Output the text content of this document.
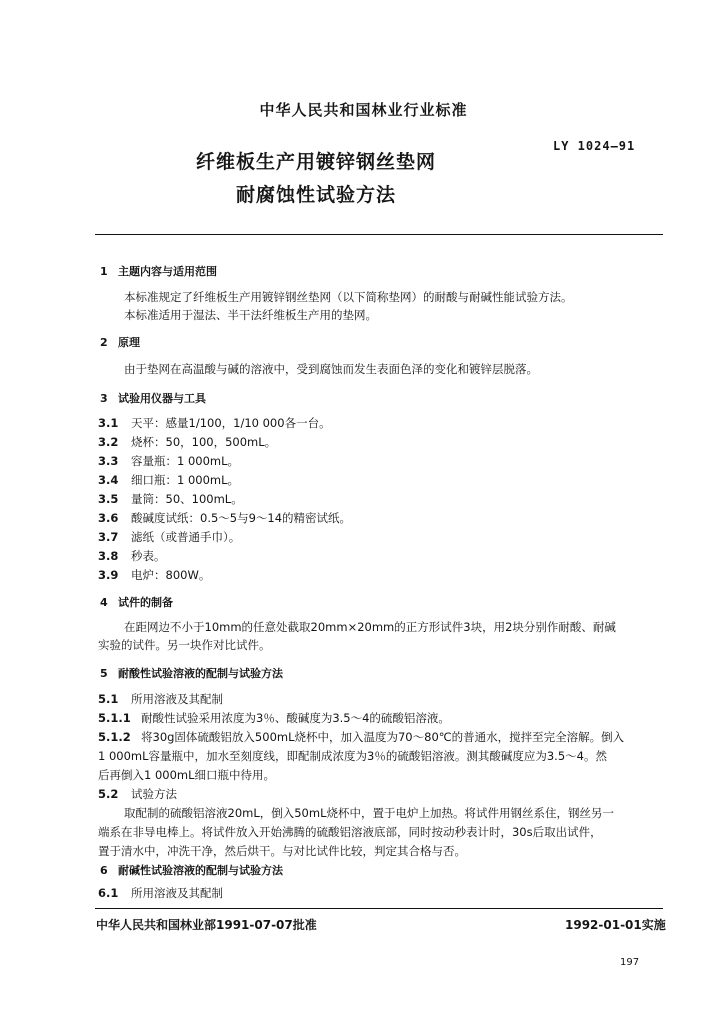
中华人民共和国林业行业标准
LY 1024—91
纤维板生产用镀锌钢丝垫网
耐腐蚀性试验方法
1 主题内容与适用范围
本标准规定了纤维板生产用镀锌钢丝垫网（以下简称垫网）的耐酸与耐碱性能试验方法。
本标准适用于湿法、半干法纤维板生产用的垫网。
2 原理
由于垫网在高温酸与碱的溶液中，受到腐蚀而发生表面色泽的变化和镀锌层脱落。
3 试验用仪器与工具
3.1 天平：感量1/100，1/10 000各一台。
3.2 烧杯：50，100，500mL。
3.3 容量瓶：1 000mL。
3.4 细口瓶：1 000mL。
3.5 量筒：50、100mL。
3.6 酸碱度试纸：0.5～5与9～14的精密试纸。
3.7 滤纸（或普通手巾）。
3.8 秒表。
3.9 电炉：800W。
4 试件的制备
在距网边不小于10mm的任意处截取20mm×20mm的正方形试件3块，用2块分别作耐酸、耐碱
实验的试件。另一块作对比试件。
5 耐酸性试验溶液的配制与试验方法
5.1 所用溶液及其配制
5.1.1 耐酸性试验采用浓度为3％、酸碱度为3.5～4的硫酸铝溶液。
5.1.2 将30g固体硫酸铝放入500mL烧杯中，加入温度为70～80℃的普通水，搅拌至完全溶解。倒入
1 000mL容量瓶中，加水至刻度线，即配制成浓度为3％的硫酸铝溶液。测其酸碱度应为3.5～4。然
后再倒入1 000mL细口瓶中待用。
5.2 试验方法
取配制的硫酸铝溶液20mL，倒入50mL烧杯中，置于电炉上加热。将试件用钢丝系住，钢丝另一
端系在非导电棒上。将试件放入开始沸腾的硫酸铝溶液底部，同时按动秒表计时，30s后取出试件，
置于清水中，冲洗干净，然后烘干。与对比试件比较，判定其合格与否。
6 耐碱性试验溶液的配制与试验方法
6.1 所用溶液及其配制
中华人民共和国林业部1991-07-07批准	1992-01-01实施
197
